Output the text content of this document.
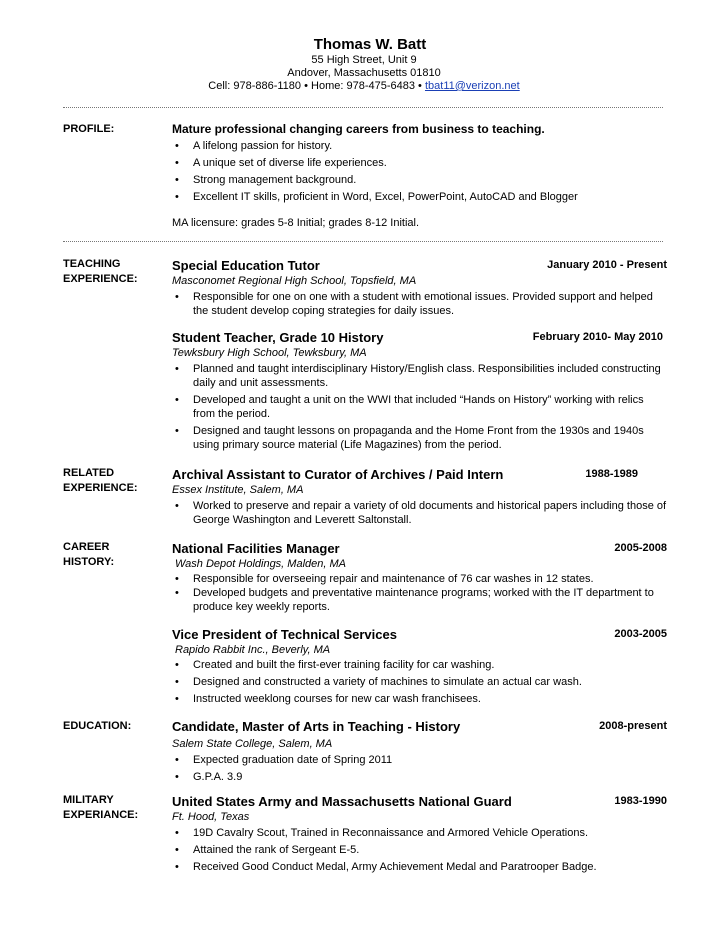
Thomas W. Batt
55 High Street, Unit 9
Andover, Massachusetts 01810
Cell: 978-886-1180 • Home: 978-475-6483 • tbat11@verizon.net
PROFILE:	Mature professional changing careers from business to teaching.
• A lifelong passion for history.
• A unique set of diverse life experiences.
• Strong management background.
• Excellent IT skills, proficient in Word, Excel, PowerPoint, AutoCAD and Blogger
MA licensure: grades 5-8 Initial; grades 8-12 Initial.
TEACHING
EXPERIENCE:
Special Education Tutor	January 2010 - Present
Masconomet Regional High School, Topsfield, MA
• Responsible for one on one with a student with emotional issues. Provided support and helped the student develop coping strategies for daily issues.
Student Teacher, Grade 10 History	February 2010- May 2010
Tewksbury High School, Tewksbury, MA
• Planned and taught interdisciplinary History/English class. Responsibilities included constructing daily and unit assessments.
• Developed and taught a unit on the WWI that included “Hands on History” working with relics from the period.
• Designed and taught lessons on propaganda and the Home Front from the 1930s and 1940s using primary source material (Life Magazines) from the period.
RELATED
EXPERIENCE:
Archival Assistant to Curator of Archives / Paid Intern	1988-1989
Essex Institute, Salem, MA
• Worked to preserve and repair a variety of old documents and historical papers including those of George Washington and Leverett Saltonstall.
CAREER
HISTORY:
National Facilities Manager	2005-2008
Wash Depot Holdings, Malden, MA
• Responsible for overseeing repair and maintenance of 76 car washes in 12 states.
• Developed budgets and preventative maintenance programs; worked with the IT department to produce key weekly reports.
Vice President of Technical Services	2003-2005
Rapido Rabbit Inc., Beverly, MA
• Created and built the first-ever training facility for car washing.
• Designed and constructed a variety of machines to simulate an actual car wash.
• Instructed weeklong courses for new car wash franchisees.
EDUCATION:	Candidate, Master of Arts in Teaching - History	2008-present
Salem State College, Salem, MA
• Expected graduation date of Spring 2011
• G.P.A. 3.9
MILITARY
EXPERIANCE:
United States Army and Massachusetts National Guard	1983-1990
Ft. Hood, Texas
• 19D Cavalry Scout, Trained in Reconnaissance and Armored Vehicle Operations.
• Attained the rank of Sergeant E-5.
• Received Good Conduct Medal, Army Achievement Medal and Paratrooper Badge.
